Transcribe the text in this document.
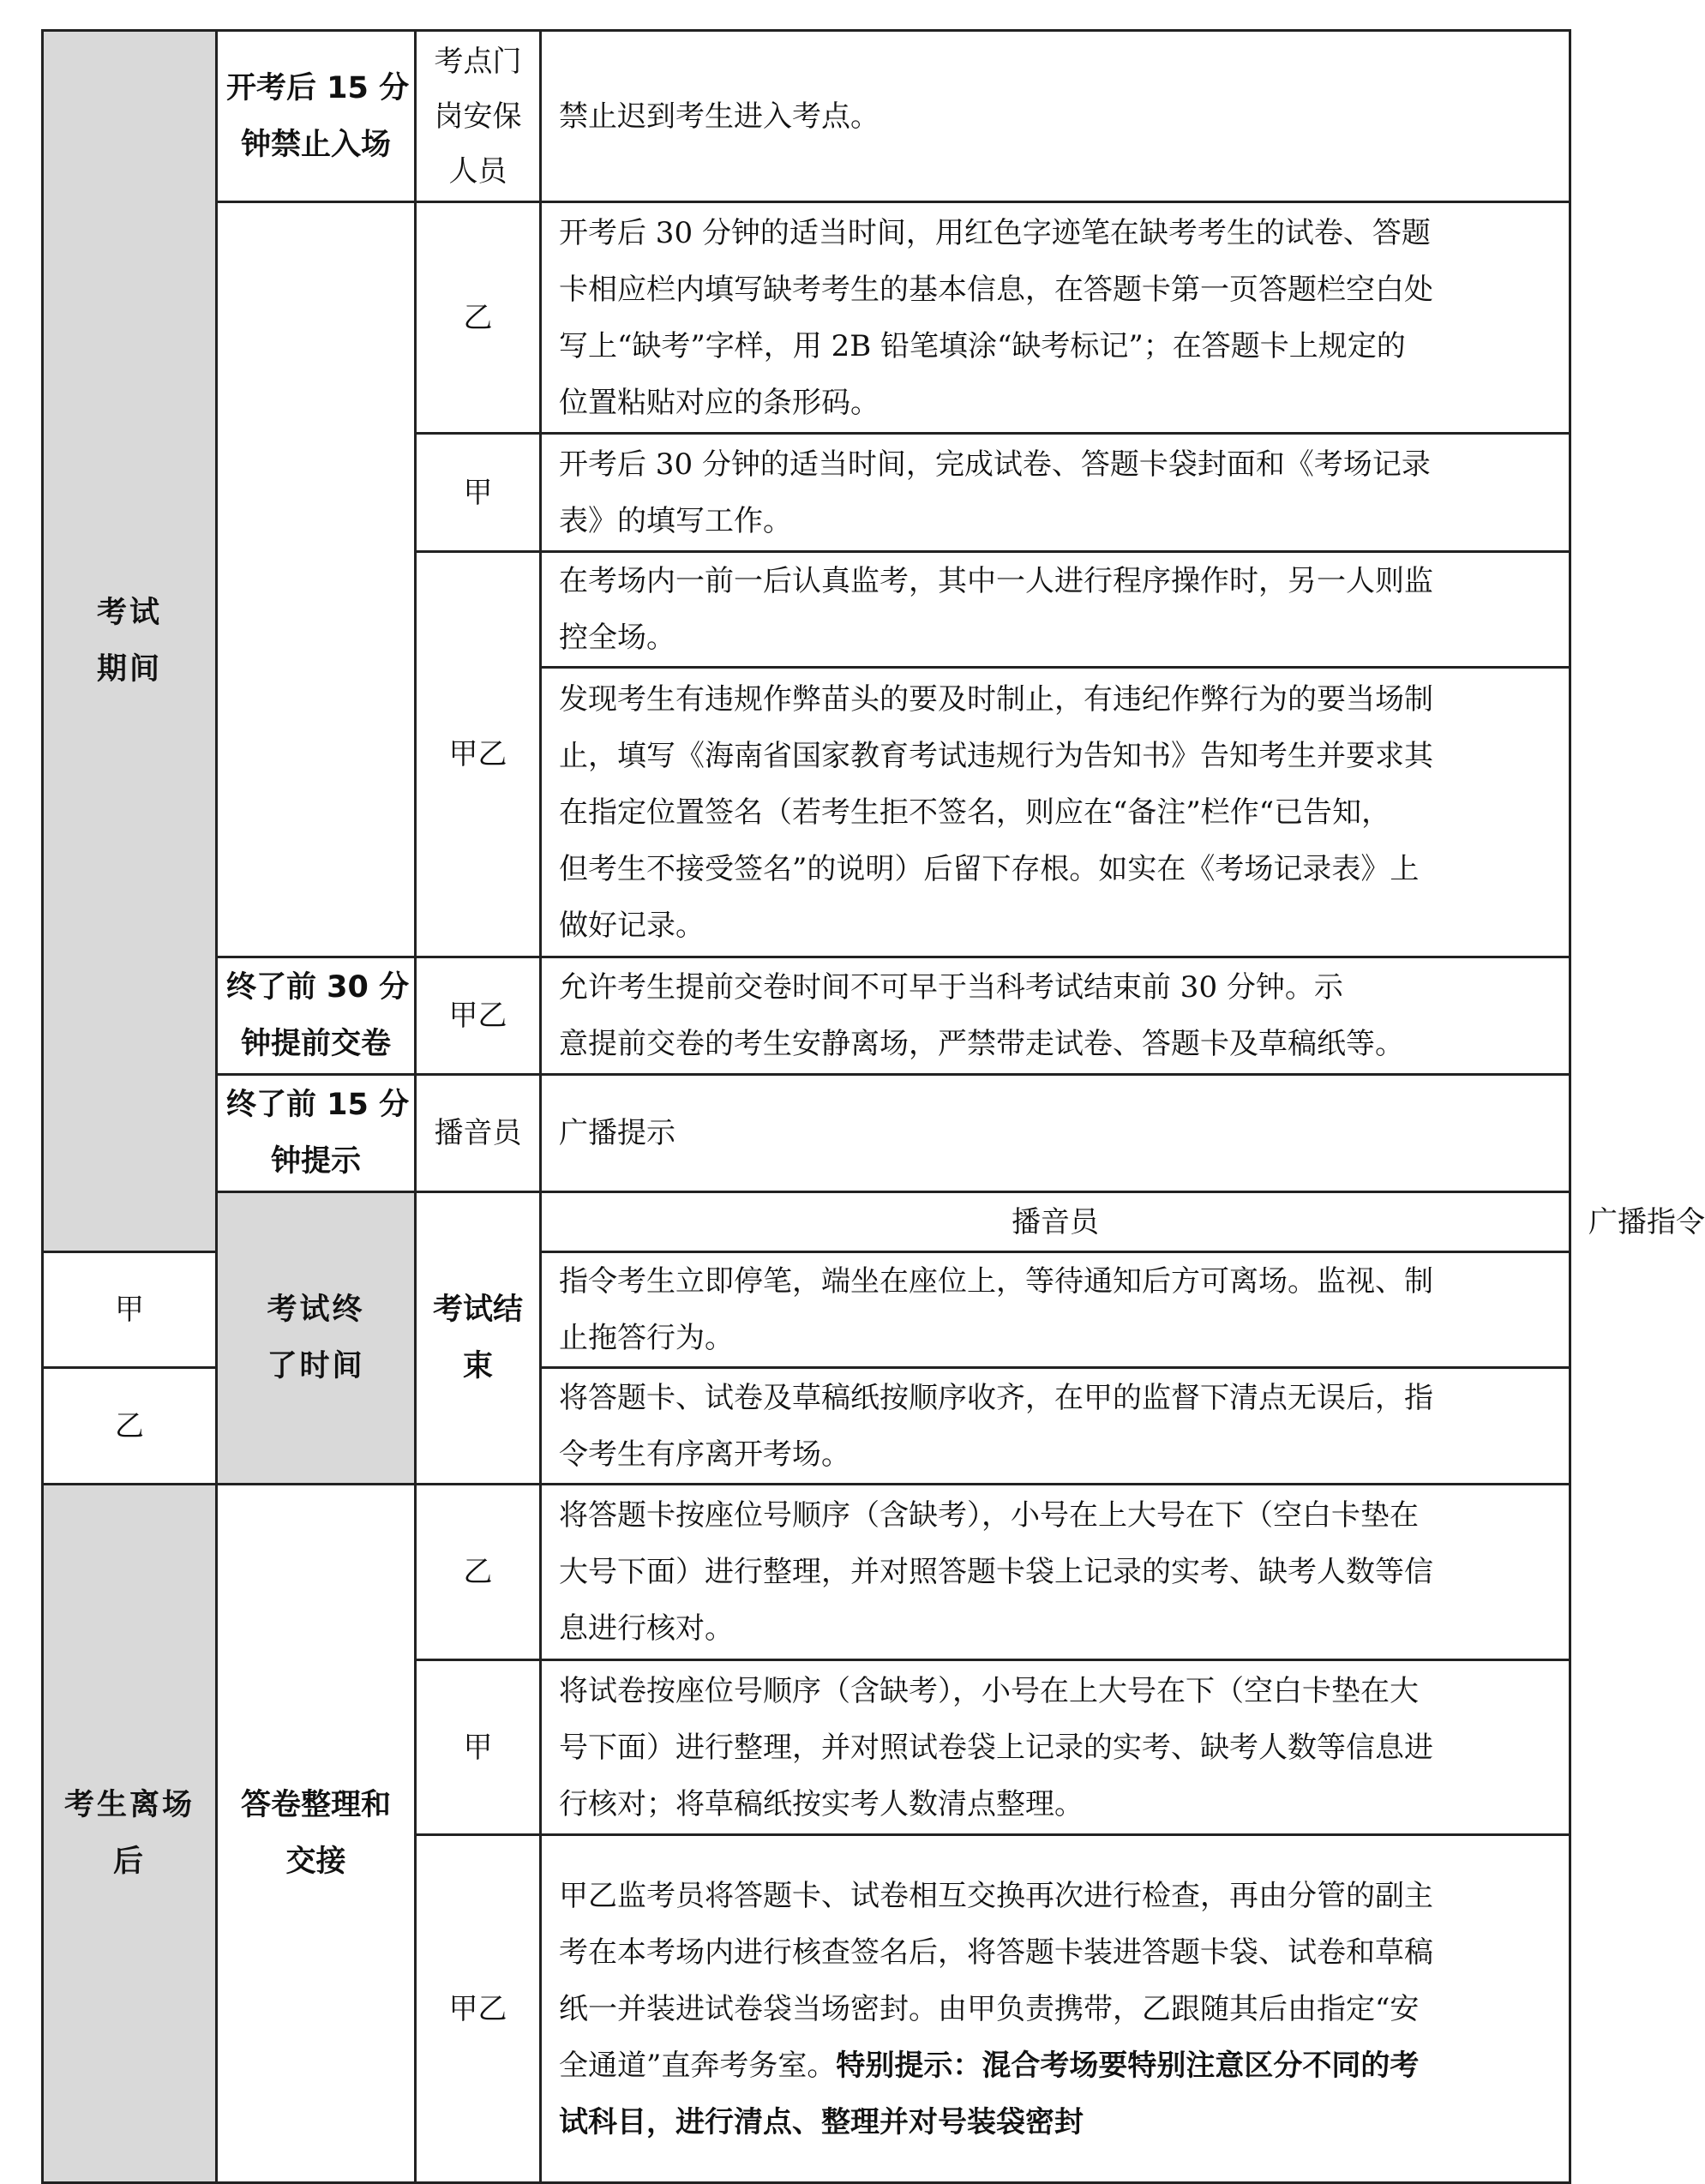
考试
期间	开考后 15 分
钟禁止入场	考点门
岗安保
人员	禁止迟到考生进入考点。	

		乙	开考后 30 分钟的适当时间，用红色字迹笔在缺考考生的试卷、答题
卡相应栏内填写缺考考生的基本信息，在答题卡第一页答题栏空白处
写上“缺考”字样，用 2B 铅笔填涂“缺考标记”；在答题卡上规定的
位置粘贴对应的条形码。	

		甲	开考后 30 分钟的适当时间，完成试卷、答题卡袋封面和《考场记录
表》的填写工作。	

		甲乙	在考场内一前一后认真监考，其中一人进行程序操作时，另一人则监
控全场。	

			发现考生有违规作弊苗头的要及时制止，有违纪作弊行为的要当场制
止，填写《海南省国家教育考试违规行为告知书》告知考生并要求其
在指定位置签名（若考生拒不签名，则应在“备注”栏作“已告知，
但考生不接受签名”的说明）后留下存根。如实在《考场记录表》上
做好记录。	

	终了前 30 分
钟提前交卷	甲乙	允许考生提前交卷时间不可早于当科考试结束前 30 分钟。示
意提前交卷的考生安静离场，严禁带走试卷、答题卡及草稿纸等。	

	终了前 15 分
钟提示	播音员	广播提示	

	考试终
了时间	考试结束	播音员	广播指令

甲			指令考生立即停笔，端坐在座位上，等待通知后方可离场。监视、制
止拖答行为。	

乙			将答题卡、试卷及草稿纸按顺序收齐，在甲的监督下清点无误后，指
令考生有序离开考场。	

考生离场
后	答卷整理和
交接	乙	将答题卡按座位号顺序（含缺考），小号在上大号在下（空白卡垫在
大号下面）进行整理，并对照答题卡袋上记录的实考、缺考人数等信
息进行核对。	

		甲	将试卷按座位号顺序（含缺考），小号在上大号在下（空白卡垫在大
号下面）进行整理，并对照试卷袋上记录的实考、缺考人数等信息进
行核对；将草稿纸按实考人数清点整理。	

		甲乙	甲乙监考员将答题卡、试卷相互交换再次进行检查，再由分管的副主
考在本考场内进行核查签名后，将答题卡装进答题卡袋、试卷和草稿
纸一并装进试卷袋当场密封。由甲负责携带，乙跟随其后由指定“安
全通道”直奔考务室。特别提示：混合考场要特别注意区分不同的考
试科目，进行清点、整理并对号装袋密封	
